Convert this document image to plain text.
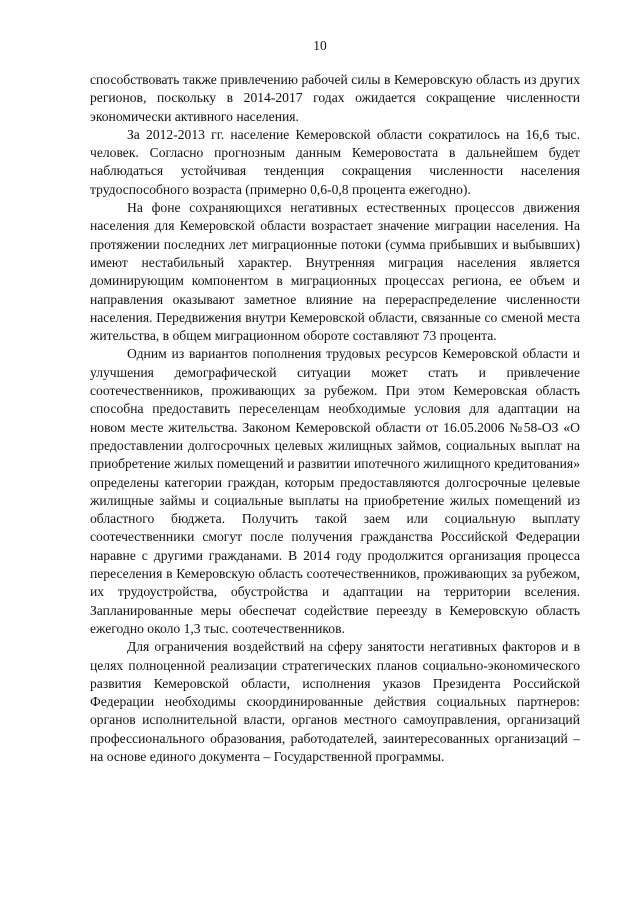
10

способствовать также привлечению рабочей силы в Кемеровскую область из других регионов, поскольку в 2014-2017 годах ожидается сокращение численности экономически активного населения.

За 2012-2013 гг. население Кемеровской области сократилось на 16,6 тыс. человек. Согласно прогнозным данным Кемеровостата в дальнейшем будет наблюдаться устойчивая тенденция сокращения численности населения трудоспособного возраста (примерно 0,6-0,8 процента ежегодно).

На фоне сохраняющихся негативных естественных процессов движения населения для Кемеровской области возрастает значение миграции населения. На протяжении последних лет миграционные потоки (сумма прибывших и выбывших) имеют нестабильный характер. Внутренняя миграция населения является доминирующим компонентом в миграционных процессах региона, ее объем и направления оказывают заметное влияние на перераспределение численности населения. Передвижения внутри Кемеровской области, связанные со сменой места жительства, в общем миграционном обороте составляют 73 процента.

Одним из вариантов пополнения трудовых ресурсов Кемеровской области и улучшения демографической ситуации может стать и привлечение соотечественников, проживающих за рубежом. При этом Кемеровская область способна предоставить переселенцам необходимые условия для адаптации на новом месте жительства. Законом Кемеровской области от 16.05.2006 №58-ОЗ «О предоставлении долгосрочных целевых жилищных займов, социальных выплат на приобретение жилых помещений и развитии ипотечного жилищного кредитования» определены категории граждан, которым предоставляются долгосрочные целевые жилищные займы и социальные выплаты на приобретение жилых помещений из областного бюджета. Получить такой заем или социальную выплату соотечественники смогут после получения гражданства Российской Федерации наравне с другими гражданами. В 2014 году продолжится организация процесса переселения в Кемеровскую область соотечественников, проживающих за рубежом, их трудоустройства, обустройства и адаптации на территории вселения. Запланированные меры обеспечат содействие переезду в Кемеровскую область ежегодно около 1,3 тыс. соотечественников.

Для ограничения воздействий на сферу занятости негативных факторов и в целях полноценной реализации стратегических планов социально-экономического развития Кемеровской области, исполнения указов Президента Российской Федерации необходимы скоординированные действия социальных партнеров: органов исполнительной власти, органов местного самоуправления, организаций профессионального образования, работодателей, заинтересованных организаций – на основе единого документа – Государственной программы.
